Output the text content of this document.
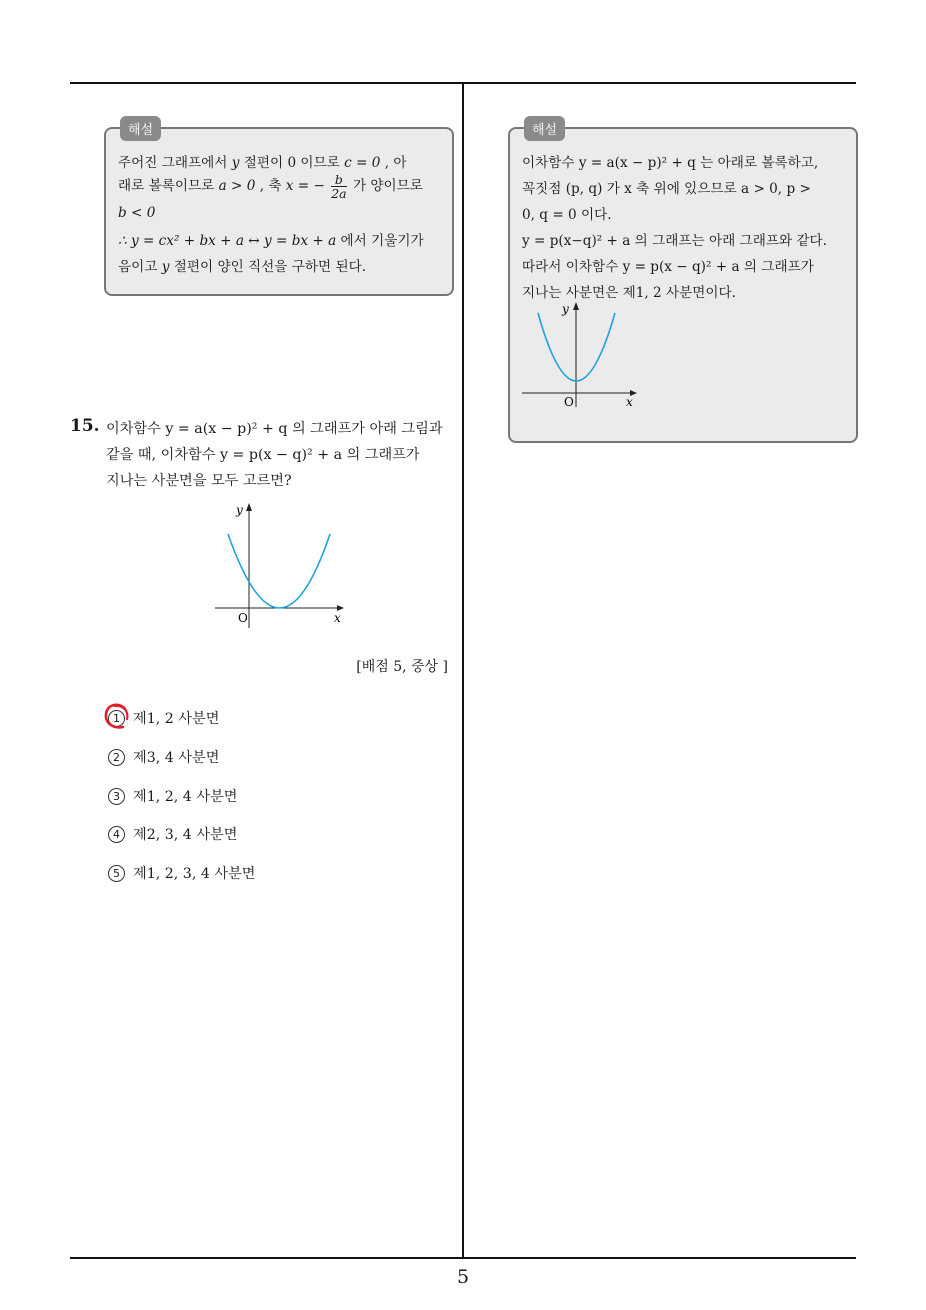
해설
주어진 그래프에서 y 절편이 0 이므로 c = 0 , 아
래로 볼록이므로 a > 0 , 축 x = − $\frac{b}{2a}$ 가 양이므로
b < 0
∴ y = cx² + bx + a ↔ y = bx + a 에서 기울기가
음이고 y 절편이 양인 직선을 구하면 된다.
15. 이차함수 y = a(x − p)² + q 의 그래프가 아래 그림과
같을 때, 이차함수 y = p(x − q)² + a 의 그래프가
지나는 사분면을 모두 고르면?
y
O	x
[배점 5, 중상 ]
1 제1, 2 사분면
2 제3, 4 사분면
3 제1, 2, 4 사분면
4 제2, 3, 4 사분면
5 제1, 2, 3, 4 사분면
해설
이차함수 y = a(x − p)² + q 는 아래로 볼록하고,
꼭짓점 (p, q) 가 x 축 위에 있으므로 a > 0, p >
0, q = 0 이다.
y = p(x−q)² + a 의 그래프는 아래 그래프와 같다.
따라서 이차함수 y = p(x − q)² + a 의 그래프가
지나는 사분면은 제1, 2 사분면이다.
y
O	x
5
